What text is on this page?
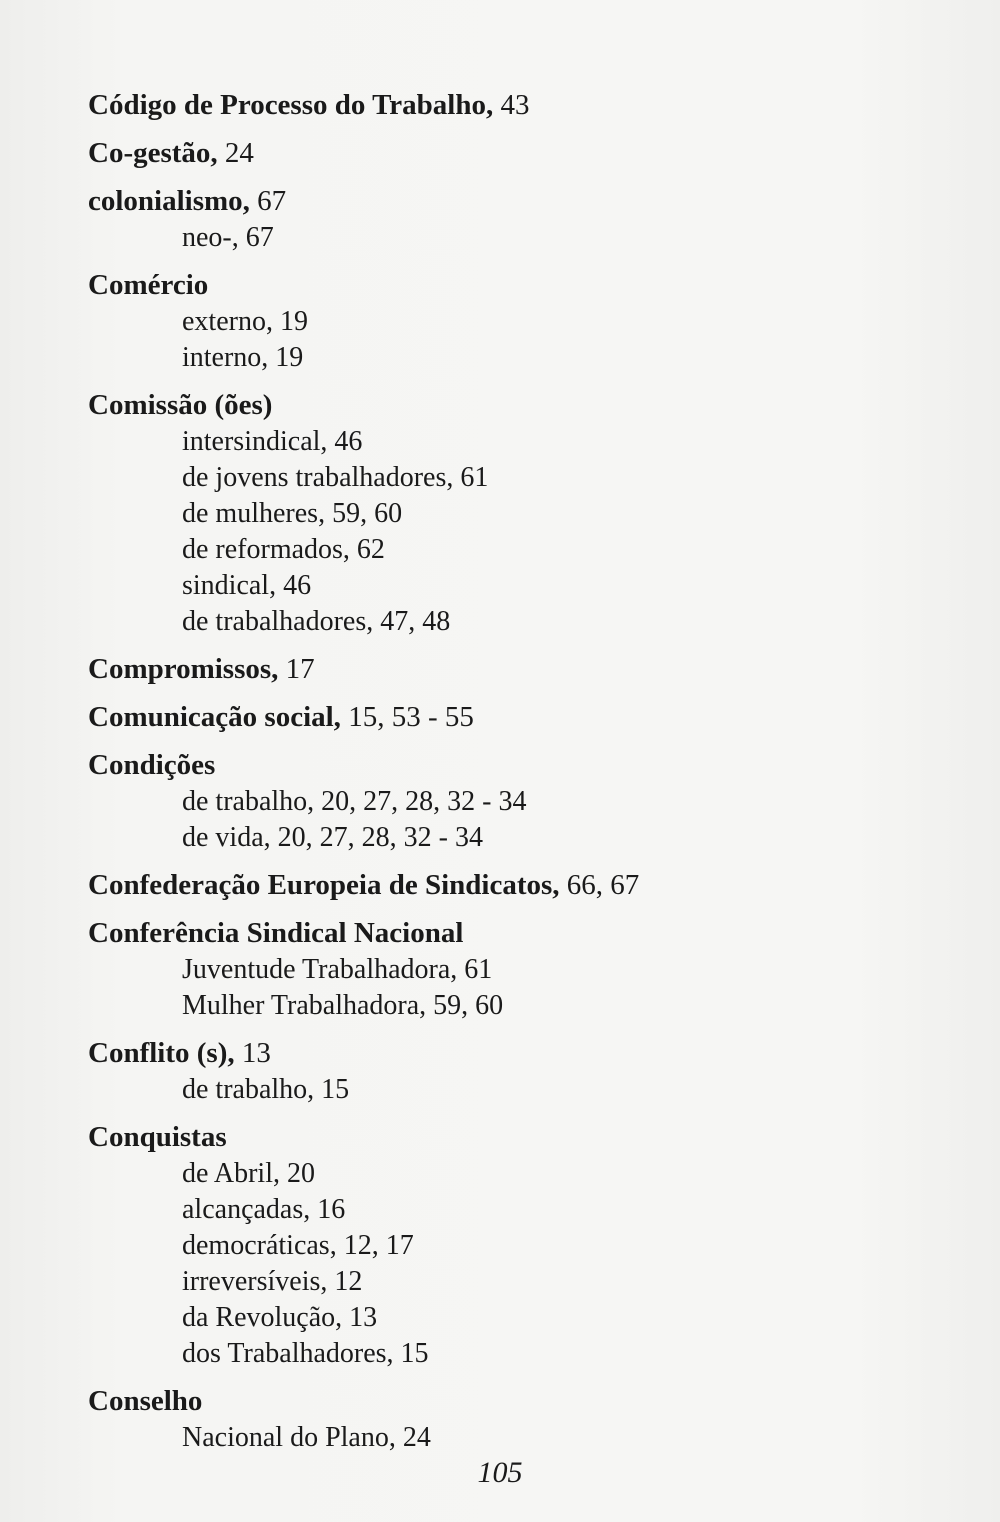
Código de Processo do Trabalho, 43
Co-gestão, 24
colonialismo, 67
neo-, 67
Comércio
externo, 19
interno, 19
Comissão (ões)
intersindical, 46
de jovens trabalhadores, 61
de mulheres, 59, 60
de reformados, 62
sindical, 46
de trabalhadores, 47, 48
Compromissos, 17
Comunicação social, 15, 53 - 55
Condições
de trabalho, 20, 27, 28, 32 - 34
de vida, 20, 27, 28, 32 - 34
Confederação Europeia de Sindicatos, 66, 67
Conferência Sindical Nacional
Juventude Trabalhadora, 61
Mulher Trabalhadora, 59, 60
Conflito (s), 13
de trabalho, 15
Conquistas
de Abril, 20
alcançadas, 16
democráticas, 12, 17
irreversíveis, 12
da Revolução, 13
dos Trabalhadores, 15
Conselho
Nacional do Plano, 24
105
